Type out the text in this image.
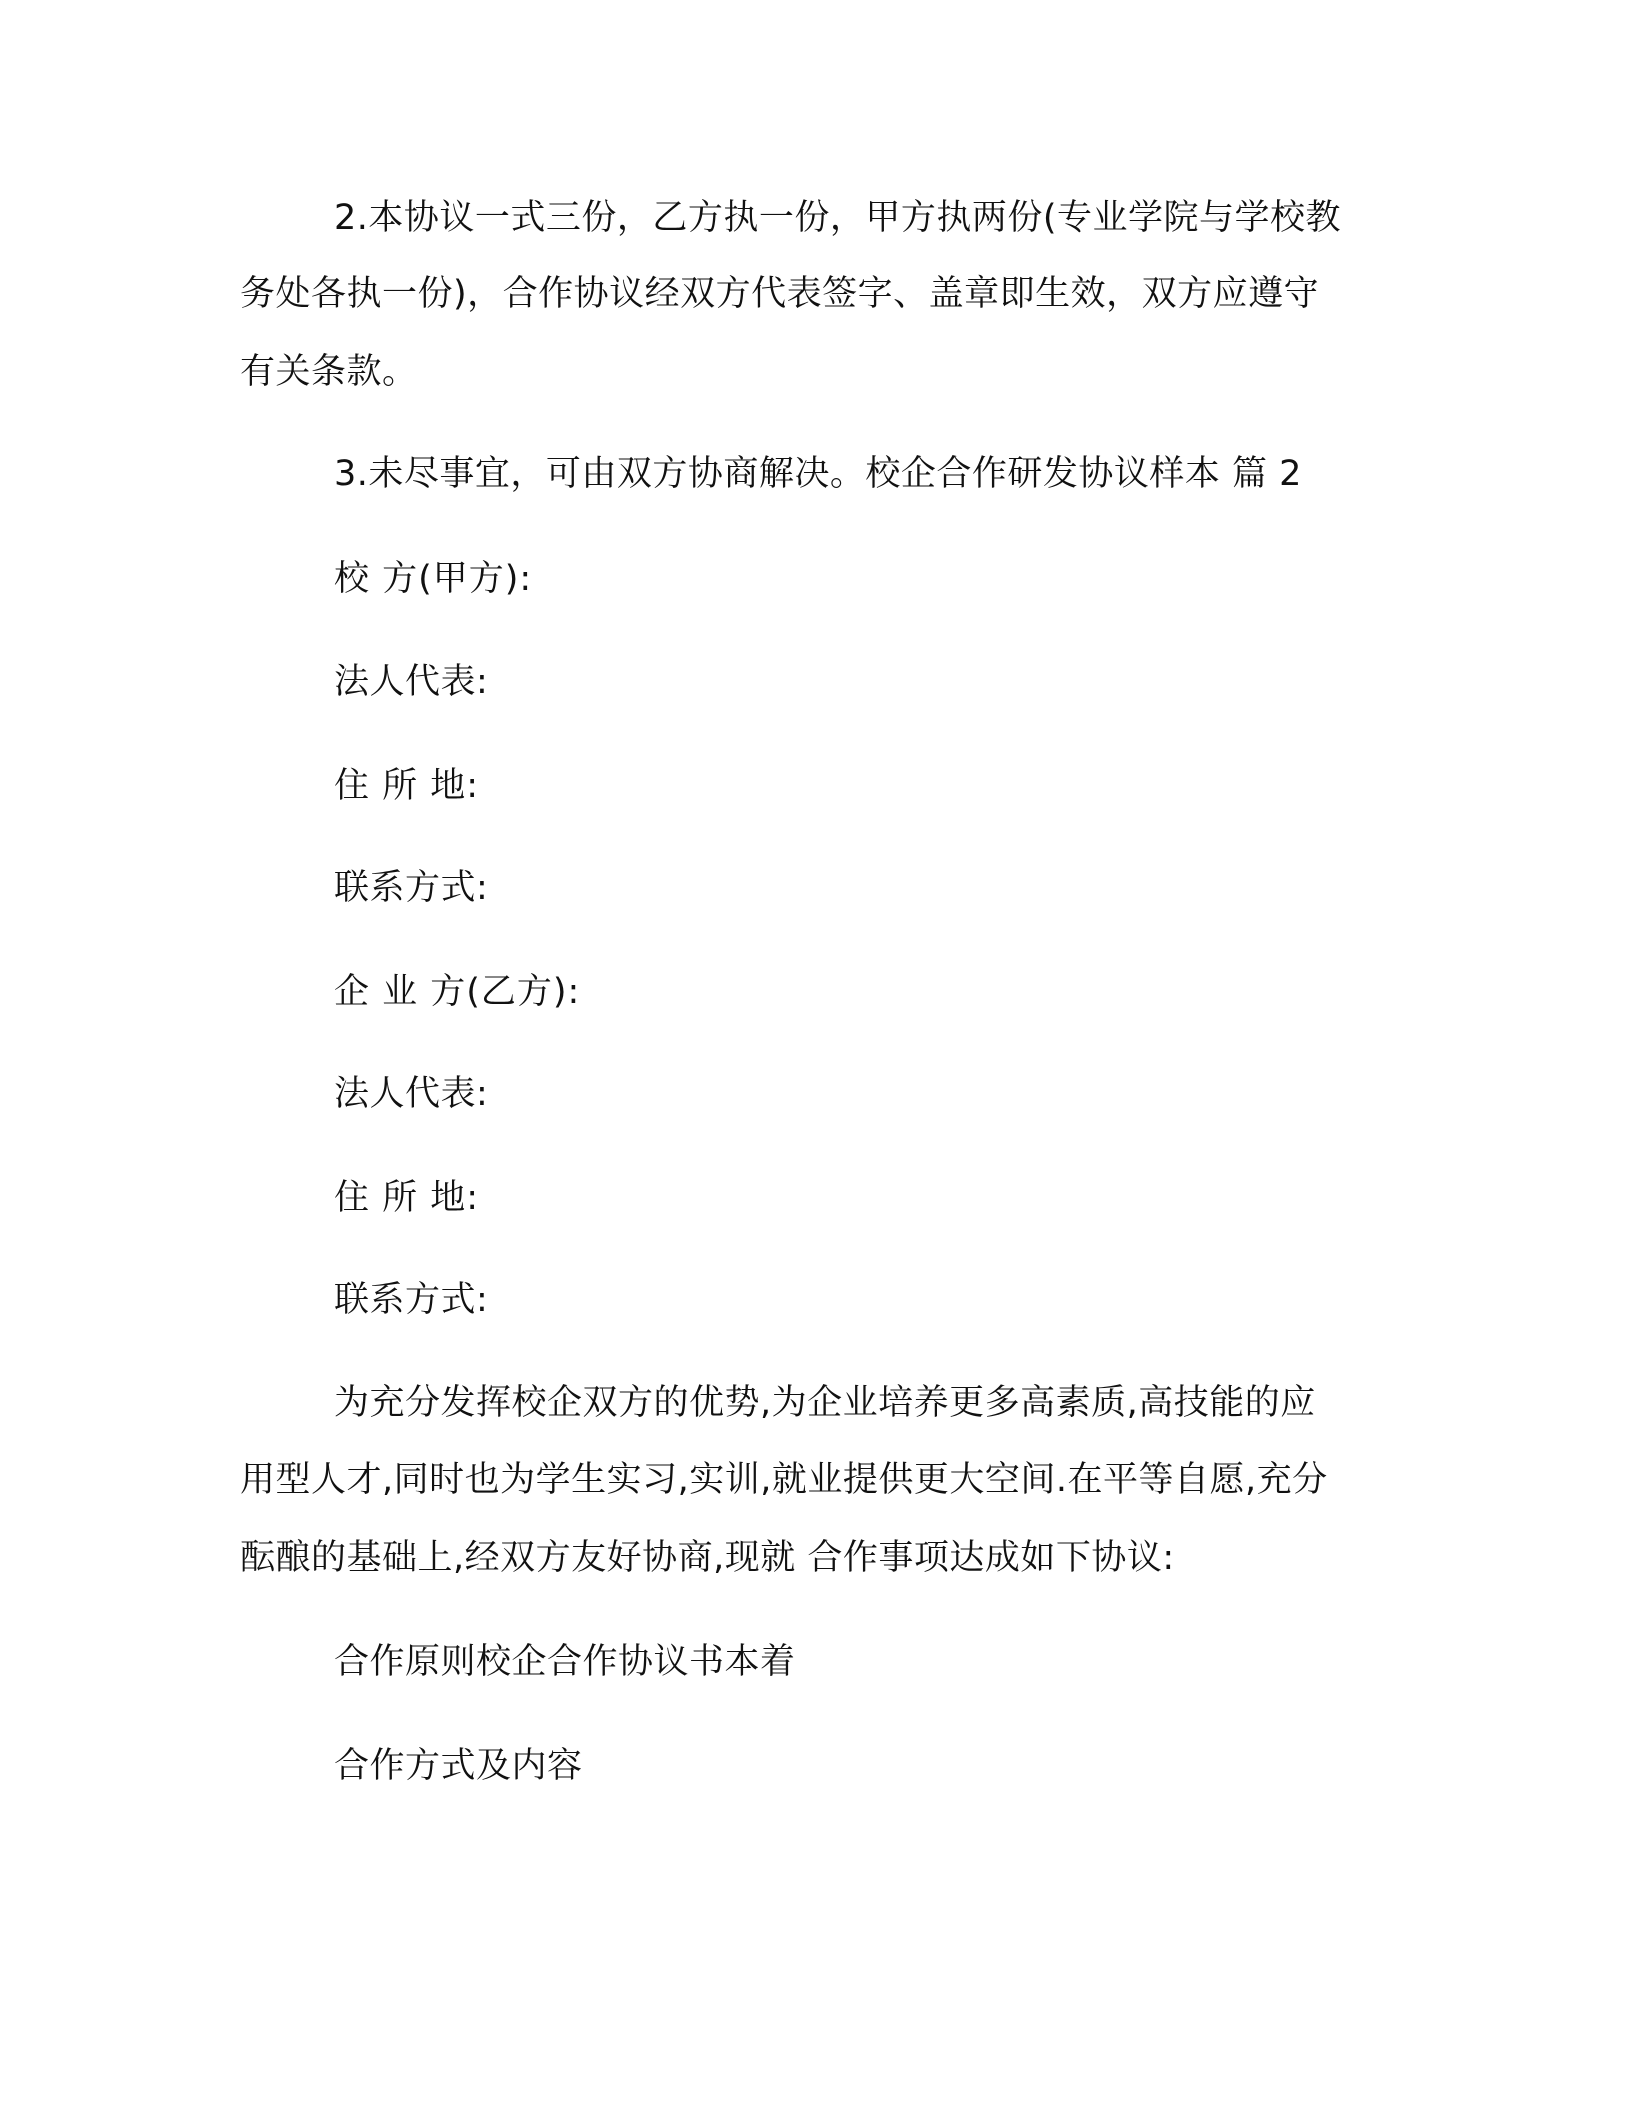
2.本协议一式三份，乙方执一份，甲方执两份(专业学院与学校教
务处各执一份)，合作协议经双方代表签字、盖章即生效，双方应遵守
有关条款。
3.未尽事宜，可由双方协商解决。校企合作研发协议样本 篇 2
校 方(甲方):
法人代表:
住 所 地:
联系方式:
企 业 方(乙方):
法人代表:
住 所 地:
联系方式:
为充分发挥校企双方的优势,为企业培养更多高素质,高技能的应
用型人才,同时也为学生实习,实训,就业提供更大空间.在平等自愿,充分
酝酿的基础上,经双方友好协商,现就 合作事项达成如下协议:
合作原则校企合作协议书本着
合作方式及内容
